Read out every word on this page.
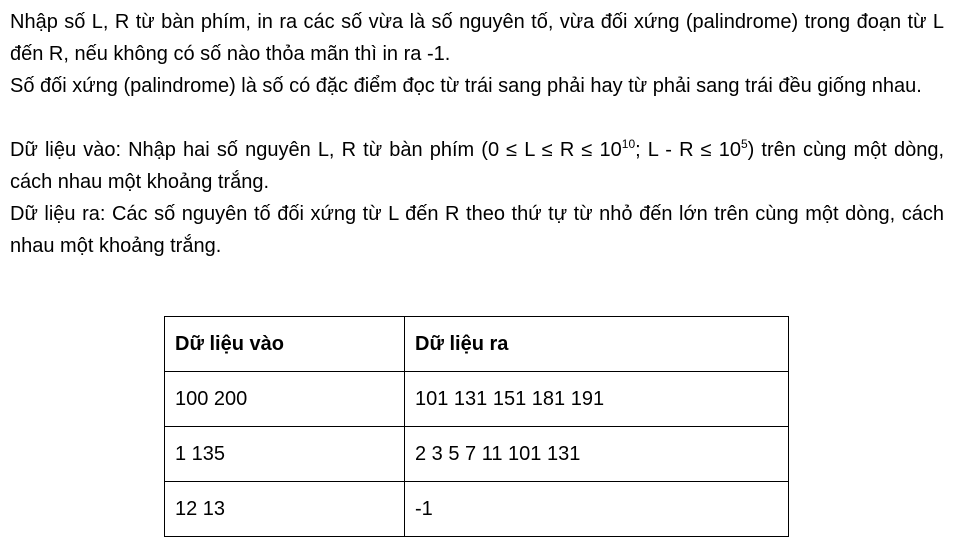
Nhập số L, R từ bàn phím, in ra các số vừa là số nguyên tố, vừa đối xứng (palindrome) trong đoạn từ L đến R, nếu không có số nào thỏa mãn thì in ra -1.

Số đối xứng (palindrome) là số có đặc điểm đọc từ trái sang phải hay từ phải sang trái đều giống nhau.

Dữ liệu vào: Nhập hai số nguyên L, R từ bàn phím ($0 \le L \le R \le 10^{10}$; $L - R \le 10^5$) trên cùng một dòng, cách nhau một khoảng trắng.

Dữ liệu ra: Các số nguyên tố đối xứng từ L đến R theo thứ tự từ nhỏ đến lớn trên cùng một dòng, cách nhau một khoảng trắng.

Dữ liệu vào	Dữ liệu ra
100 200	101 131 151 181 191
1 135	2 3 5 7 11 101 131
12 13	-1
